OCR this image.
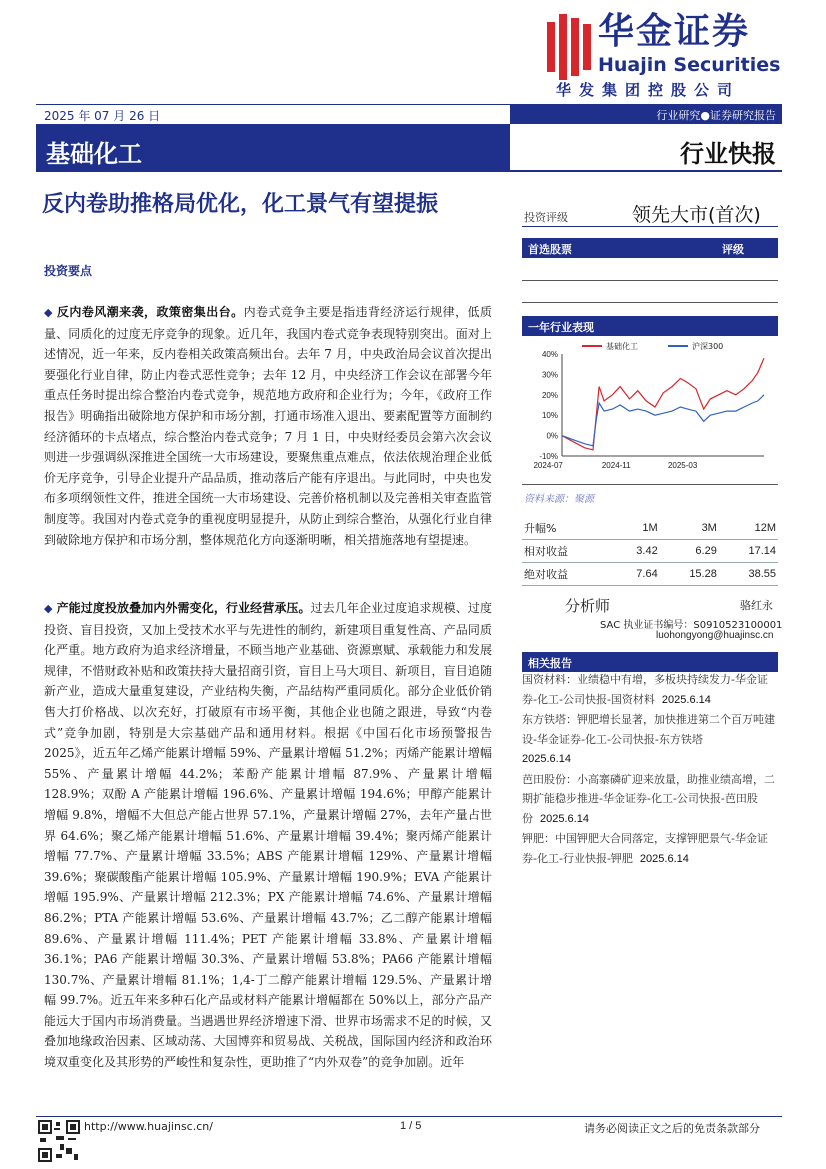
华金证券
Huajin Securities
华发集团控股公司
2025 年 07 月 26 日	行业研究●证券研究报告
基础化工	行业快报
反内卷助推格局优化，化工景气有望提振
投资要点
◆ 反内卷风潮来袭，政策密集出台。内卷式竞争主要是指违背经济运行规律，低质量、同质化的过度无序竞争的现象。近几年，我国内卷式竞争表现特别突出。面对上述情况，近一年来，反内卷相关政策高频出台。去年 7 月，中央政治局会议首次提出要强化行业自律，防止内卷式恶性竞争；去年 12 月，中央经济工作会议在部署今年重点任务时提出综合整治内卷式竞争，规范地方政府和企业行为；今年，《政府工作报告》明确指出破除地方保护和市场分割，打通市场准入退出、要素配置等方面制约经济循环的卡点堵点，综合整治内卷式竞争；7 月 1 日，中央财经委员会第六次会议则进一步强调纵深推进全国统一大市场建设，要聚焦重点难点，依法依规治理企业低价无序竞争，引导企业提升产品品质，推动落后产能有序退出。与此同时，中央也发布多项纲领性文件，推进全国统一大市场建设、完善价格机制以及完善相关审查监管制度等。我国对内卷式竞争的重视度明显提升，从防止到综合整治，从强化行业自律到破除地方保护和市场分割，整体规范化方向逐渐明晰，相关措施落地有望提速。
◆ 产能过度投放叠加内外需变化，行业经营承压。过去几年企业过度追求规模、过度投资、盲目投资，又加上受技术水平与先进性的制约，新建项目重复性高、产品同质化严重。地方政府为追求经济增量，不顾当地产业基础、资源禀赋、承载能力和发展规律，不惜财政补贴和政策扶持大量招商引资，盲目上马大项目、新项目，盲目追随新产业，造成大量重复建设，产业结构失衡，产品结构严重同质化。部分企业低价销售大打价格战、以次充好，打破原有市场平衡，其他企业也随之跟进，导致“内卷式”竞争加剧，特别是大宗基础产品和通用材料。根据《中国石化市场预警报告 2025》，近五年乙烯产能累计增幅 59%、产量累计增幅 51.2%；丙烯产能累计增幅 55%、产量累计增幅 44.2%；苯酚产能累计增幅 87.9%、产量累计增幅 128.9%；双酚 A 产能累计增幅 196.6%、产量累计增幅 194.6%；甲醇产能累计增幅 9.8%，增幅不大但总产能占世界 57.1%，产量累计增幅 27%，去年产量占世界 64.6%；聚乙烯产能累计增幅 51.6%、产量累计增幅 39.4%；聚丙烯产能累计增幅 77.7%、产量累计增幅 33.5%；ABS 产能累计增幅 129%、产量累计增幅 39.6%；聚碳酸酯产能累计增幅 105.9%、产量累计增幅 190.9%；EVA 产能累计增幅 195.9%、产量累计增幅 212.3%；PX 产能累计增幅 74.6%、产量累计增幅 86.2%；PTA 产能累计增幅 53.6%、产量累计增幅 43.7%；乙二醇产能累计增幅 89.6%、产量累计增幅 111.4%；PET 产能累计增幅 33.8%、产量累计增幅 36.1%；PA6 产能累计增幅 30.3%、产量累计增幅 53.8%；PA66 产能累计增幅 130.7%、产量累计增幅 81.1%；1,4-丁二醇产能累计增幅 129.5%、产量累计增幅 99.7%。近五年来多种石化产品或材料产能累计增幅都在 50%以上，部分产品产能远大于国内市场消费量。当遇遇世界经济增速下滑、世界市场需求不足的时候，又叠加地缘政治因素、区域动荡、大国博弈和贸易战、关税战，国际国内经济和政治环境双重变化及其形势的严峻性和复杂性，更助推了“内外双卷”的竞争加剧。近年
投资评级	领先大市(首次)
首选股票	评级
一年行业表现
40%
30%
20%
10%
0%
-10%
2024-07	2024-11	2025-03
基础化工	沪深300
资料来源：聚源
升幅%	1M	3M	12M
相对收益	3.42	6.29	17.14
绝对收益	7.64	15.28	38.55
分析师	骆红永
SAC 执业证书编号：S0910523100001
luohongyong@huajinsc.cn
相关报告

国资材料：业绩稳中有增，多板块持续发力-华金证券-化工-公司快报-国资材料 2025.6.14

东方铁塔：钾肥增长显著，加快推进第二个百万吨建设-华金证券-化工-公司快报-东方铁塔
2025.6.14

芭田股份：小高寨磷矿迎来放量，助推业绩高增，二期扩能稳步推进-华金证券-化工-公司快报-芭田股份 2025.6.14

钾肥：中国钾肥大合同落定，支撑钾肥景气-华金证券-化工-行业快报-钾肥 2025.6.14

http://www.huajinsc.cn/	1 / 5	请务必阅读正文之后的免责条款部分
